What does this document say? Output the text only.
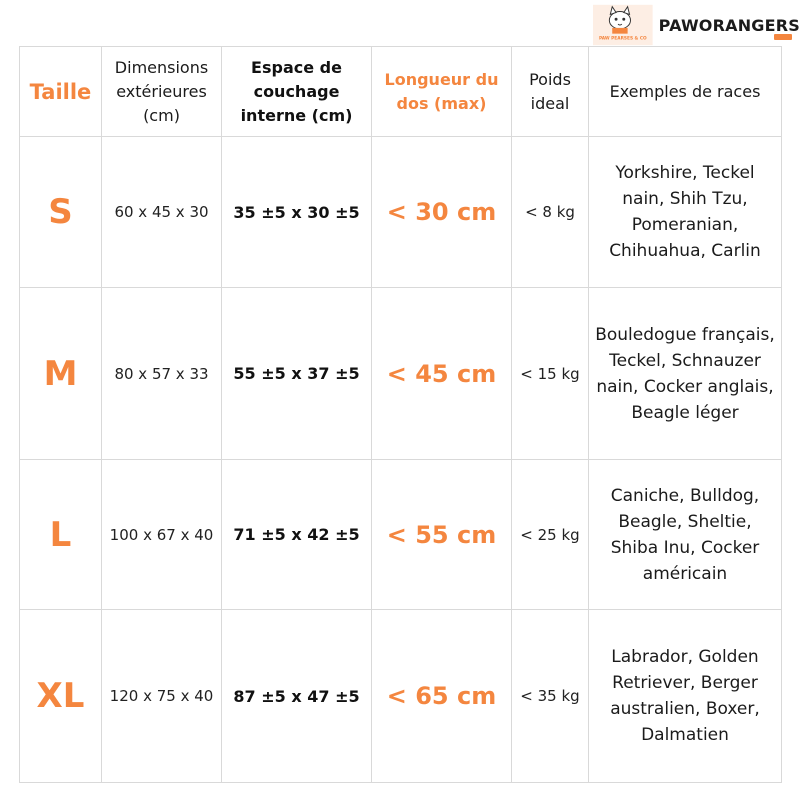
PAW PEARSES & CO
PAWORANGERS
Taille	Dimensions extérieures (cm)	Espace de couchage interne (cm)	Longueur du dos (max)	Poids ideal	Exemples de races
S	60 x 45 x 30	35 ±5 x 30 ±5	< 30 cm	< 8 kg	Yorkshire, Teckel nain, Shih Tzu, Pomeranian, Chihuahua, Carlin
M	80 x 57 x 33	55 ±5 x 37 ±5	< 45 cm	< 15 kg	Bouledogue français, Teckel, Schnauzer nain, Cocker anglais, Beagle léger
L	100 x 67 x 40	71 ±5 x 42 ±5	< 55 cm	< 25 kg	Caniche, Bulldog, Beagle, Sheltie, Shiba Inu, Cocker américain
XL	120 x 75 x 40	87 ±5 x 47 ±5	< 65 cm	< 35 kg	Labrador, Golden Retriever, Berger australien, Boxer, Dalmatien
